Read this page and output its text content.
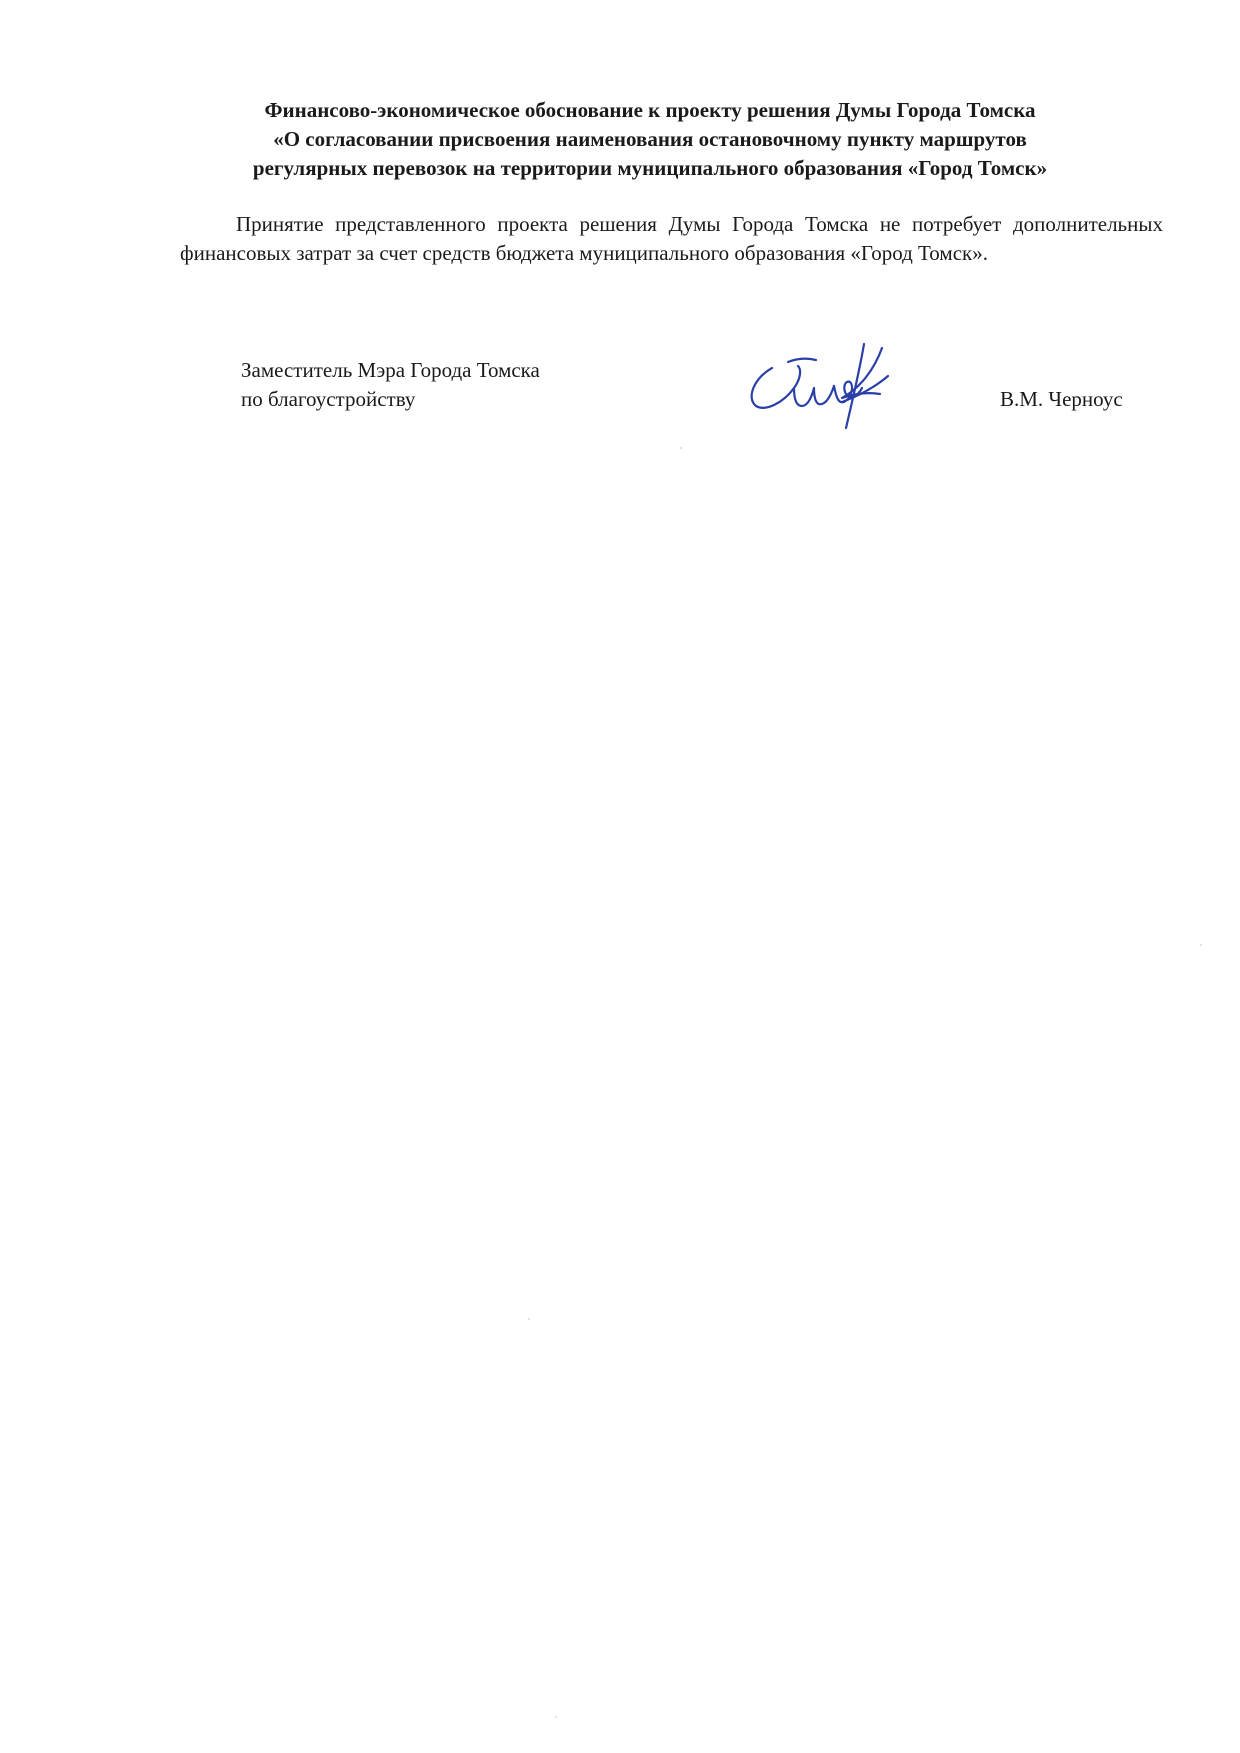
Финансово-экономическое обоснование к проекту решения Думы Города Томска
«О согласовании присвоения наименования остановочному пункту маршрутов
регулярных перевозок на территории муниципального образования «Город Томск»
Принятие представленного проекта решения Думы Города Томска не потребует дополнительных финансовых затрат за счет средств бюджета муниципального образования «Город Томск».
Заместитель Мэра Города Томска
по благоустройству	В.М. Черноус
